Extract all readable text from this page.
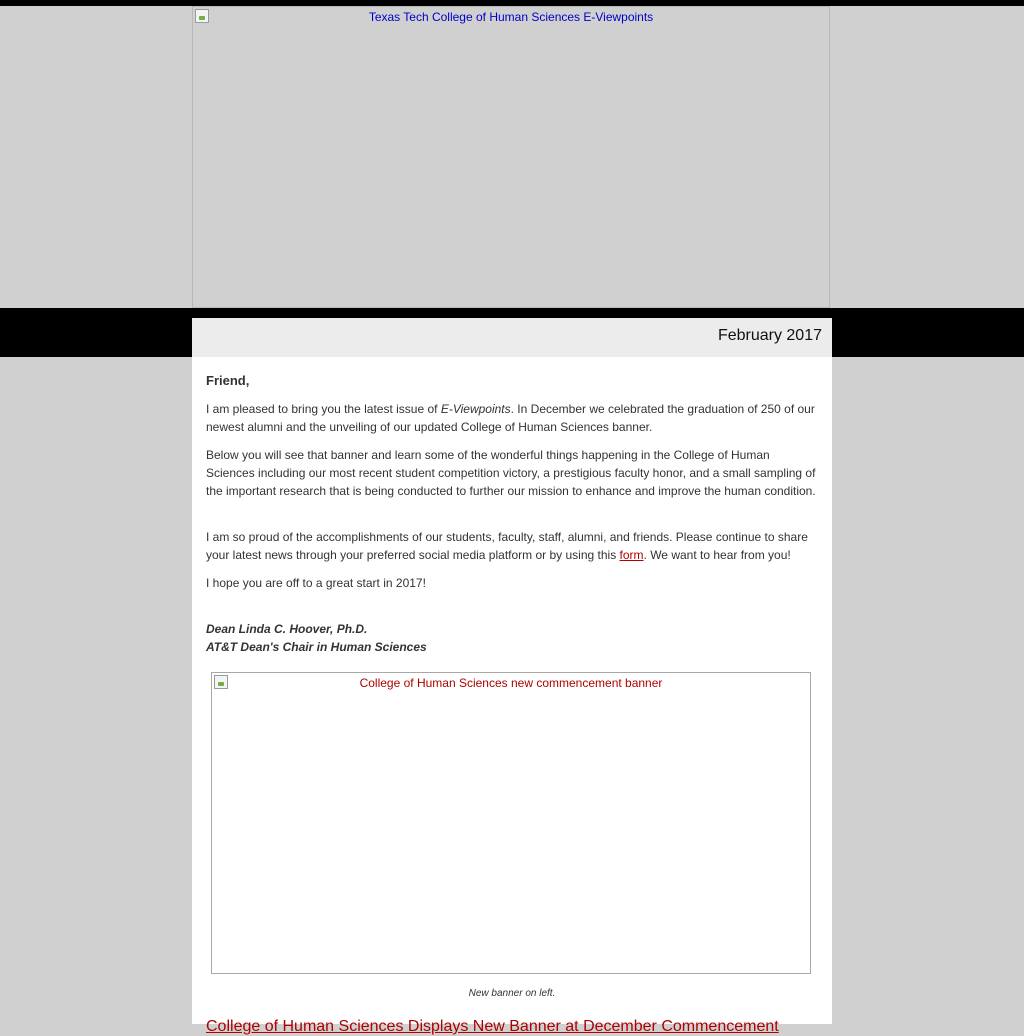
Texas Tech College of Human Sciences E-Viewpoints
February 2017
Friend,

I am pleased to bring you the latest issue of E-Viewpoints. In December we celebrated the graduation of 250 of our newest alumni and the unveiling of our updated College of Human Sciences banner.

Below you will see that banner and learn some of the wonderful things happening in the College of Human Sciences including our most recent student competition victory, a prestigious faculty honor, and a small sampling of the important research that is being conducted to further our mission to enhance and improve the human condition.

I am so proud of the accomplishments of our students, faculty, staff, alumni, and friends. Please continue to share your latest news through your preferred social media platform or by using this form. We want to hear from you!

I hope you are off to a great start in 2017!

Dean Linda C. Hoover, Ph.D.
AT&T Dean's Chair in Human Sciences
College of Human Sciences new commencement banner
New banner on left.
College of Human Sciences Displays New Banner at December Commencement
